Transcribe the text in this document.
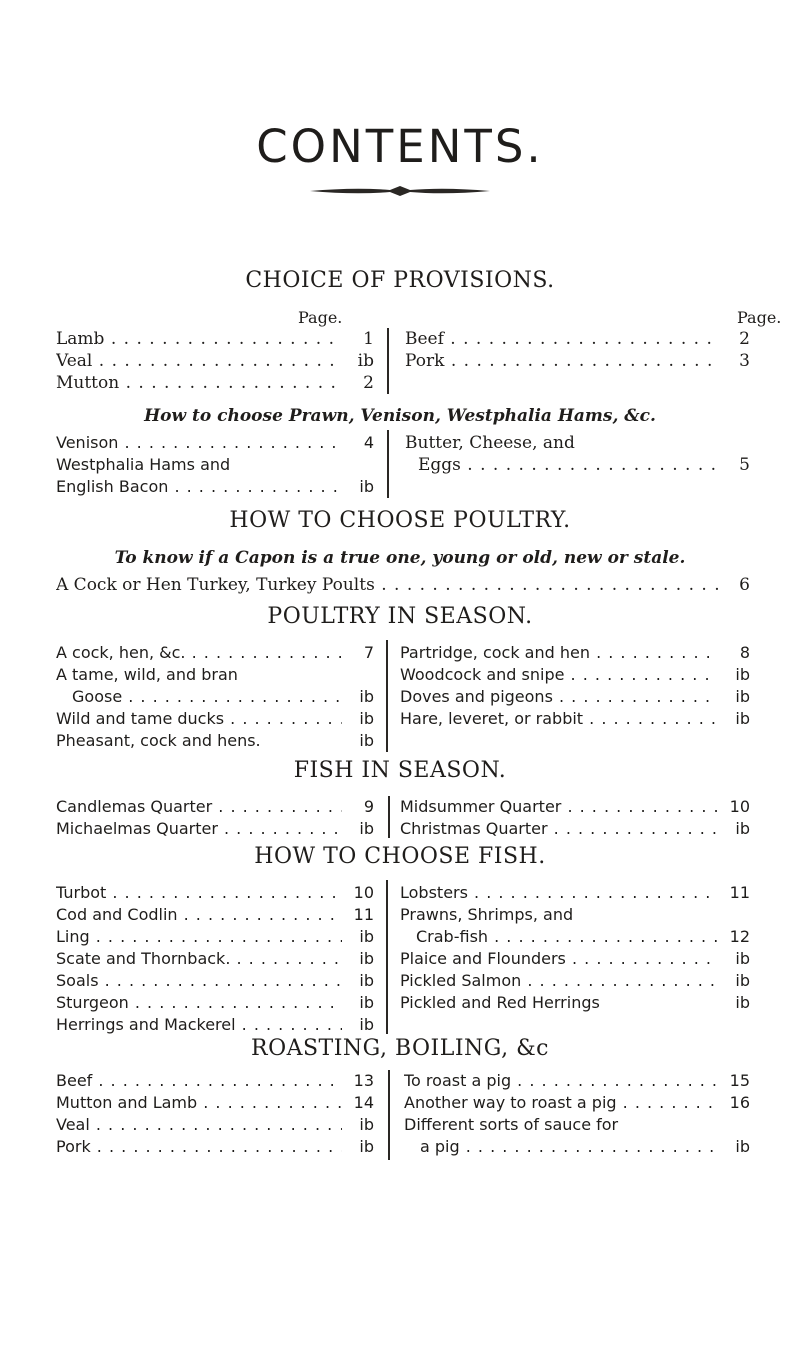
CONTENTS.
CHOICE OF PROVISIONS.
Page.	Page.
Lamb . . .	1
Veal . . .	ib
Mutton . . .	2
Beef . . .	2
Pork . . .	3
How to choose Prawn, Venison, Westphalia Hams, &c.
Venison . . .	4
Westphalia Hams and
English Bacon . . .	ib
Butter, Cheese, and
Eggs . . .	5
HOW TO CHOOSE POULTRY.
To know if a Capon is a true one, young or old, new or stale.
A Cock or Hen Turkey, Turkey Poults . . .	6
POULTRY IN SEASON.
A cock, hen, &c. . . .	7
A tame, wild, and bran
Goose . . .	ib
Wild and tame ducks . . .	ib
Pheasant, cock and hens.	ib
Partridge, cock and hen . . .	8
Woodcock and snipe . . .	ib
Doves and pigeons . . .	ib
Hare, leveret, or rabbit . . .	ib
FISH IN SEASON.
Candlemas Quarter . . .	9
Michaelmas Quarter . . .	ib
Midsummer Quarter . . .	10
Christmas Quarter . . .	ib
HOW TO CHOOSE FISH.
Turbot . . .	10
Cod and Codlin . . .	11
Ling . . .	ib
Scate and Thornback. . . .	ib
Soals . . .	ib
Sturgeon . . .	ib
Herrings and Mackerel . . .	ib
Lobsters . . .	11
Prawns, Shrimps, and
Crab-fish . . .	12
Plaice and Flounders . . .	ib
Pickled Salmon . . .	ib
Pickled and Red Herrings	ib
ROASTING, BOILING, &c
Beef . . .	13
Mutton and Lamb . . .	14
Veal . . .	ib
Pork . . .	ib
To roast a pig . . .	15
Another way to roast a pig . . .	16
Different sorts of sauce for
a pig . . .	ib
